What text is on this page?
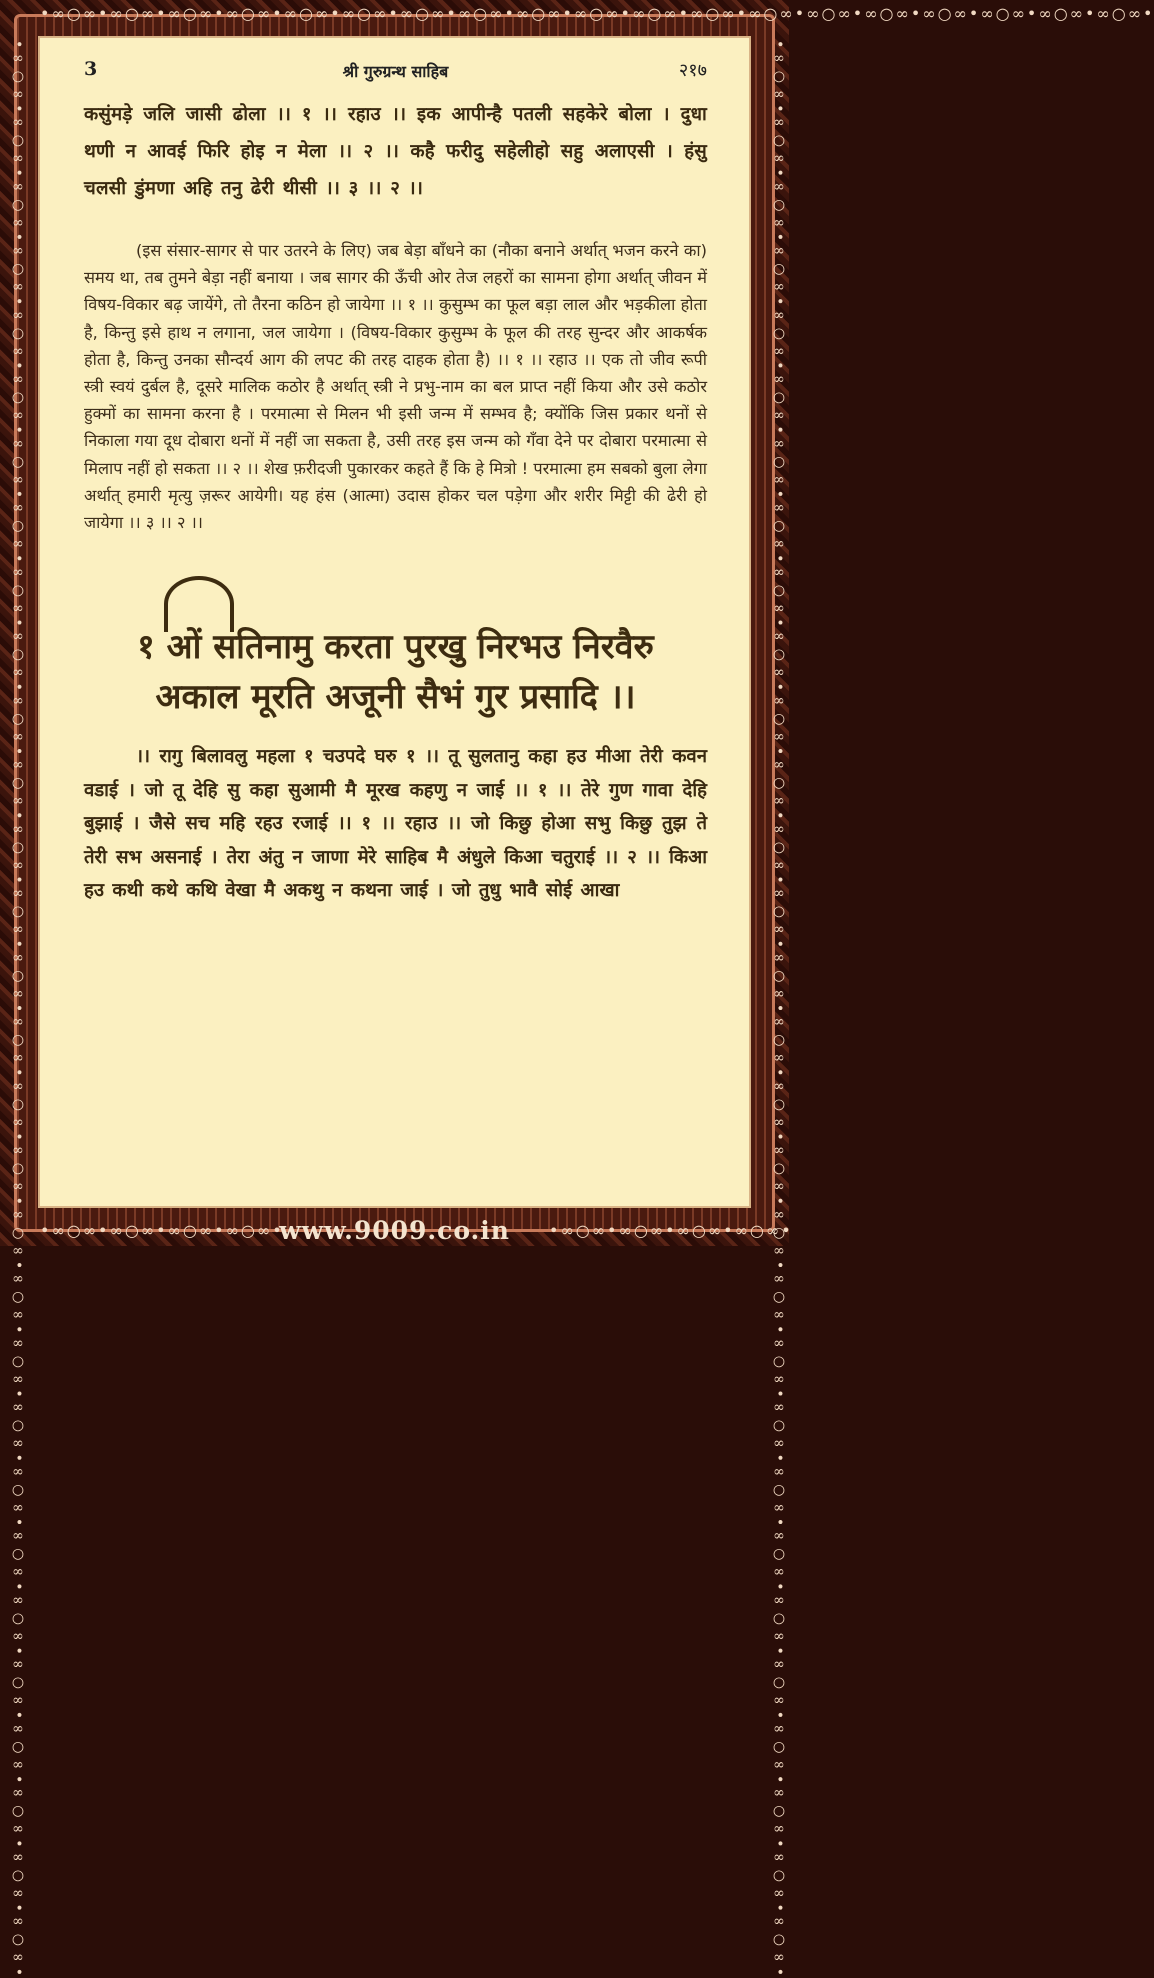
•∞○∞•∞○∞•∞○∞•∞○∞•∞○∞•∞○∞•∞○∞•∞○∞•∞○∞•∞○∞•∞○∞•∞○∞•∞○∞•∞○∞•∞○∞•∞○∞•∞○∞•∞○∞•∞○∞•
•∞○∞•∞○∞•∞○∞•∞○∞•∞○∞•∞○∞•∞○∞•∞○∞•∞○∞•∞○∞•∞○∞•∞○∞•∞○∞•∞○∞•∞○∞•∞○∞•∞○∞•∞○∞•∞○∞•∞○∞•∞○∞•∞○∞•∞○∞•∞○∞•∞○∞•∞○∞•∞○∞•∞○∞•∞○∞•∞○∞•	•∞○∞•∞○∞•∞○∞•∞○∞•∞○∞•∞○∞•∞○∞•∞○∞•∞○∞•∞○∞•∞○∞•∞○∞•∞○∞•∞○∞•∞○∞•∞○∞•∞○∞•∞○∞•∞○∞•∞○∞•∞○∞•∞○∞•∞○∞•∞○∞•∞○∞•∞○∞•∞○∞•∞○∞•∞○∞•∞○∞•
•∞○∞•∞○∞•∞○∞•∞○∞•	•∞○∞•∞○∞•∞○∞•∞○∞•
www.9009.co.in
3	श्री गुरुग्रन्थ साहिब	२१७
कसुंमड़े जलि जासी ढोला ।। १ ।। रहाउ ।। इक आपीन्है पतली सहकेरे बोला । दुधा थणी न आवई फिरि होइ न मेला ।। २ ।। कहै फरीदु सहेलीहो सहु अलाएसी । हंसु चलसी डुंमणा अहि तनु ढेरी थीसी ।। ३ ।। २ ।।
(इस संसार-सागर से पार उतरने के लिए) जब बेड़ा बाँधने का (नौका बनाने अर्थात् भजन करने का) समय था, तब तुमने बेड़ा नहीं बनाया । जब सागर की ऊँची ओर तेज लहरों का सामना होगा अर्थात् जीवन में विषय-विकार बढ़ जायेंगे, तो तैरना कठिन हो जायेगा ।। १ ।। कुसुम्भ का फूल बड़ा लाल और भड़कीला होता है, किन्तु इसे हाथ न लगाना, जल जायेगा । (विषय-विकार कुसुम्भ के फूल की तरह सुन्दर और आकर्षक होता है, किन्तु उनका सौन्दर्य आग की लपट की तरह दाहक होता है) ।। १ ।। रहाउ ।। एक तो जीव रूपी स्त्री स्वयं दुर्बल है, दूसरे मालिक कठोर है अर्थात् स्त्री ने प्रभु-नाम का बल प्राप्त नहीं किया और उसे कठोर हुक्मों का सामना करना है । परमात्मा से मिलन भी इसी जन्म में सम्भव है; क्योंकि जिस प्रकार थनों से निकाला गया दूध दोबारा थनों में नहीं जा सकता है, उसी तरह इस जन्म को गँवा देने पर दोबारा परमात्मा से मिलाप नहीं हो सकता ।। २ ।। शेख फ़रीदजी पुकारकर कहते हैं कि हे मित्रो ! परमात्मा हम सबको बुला लेगा अर्थात् हमारी मृत्यु ज़रूर आयेगी। यह हंस (आत्मा) उदास होकर चल पड़ेगा और शरीर मिट्टी की ढेरी हो जायेगा ।। ३ ।। २ ।।
१ ओं सतिनामु करता पुरखु निरभउ निरवैरु
अकाल मूरति अजूनी सैभं गुर प्रसादि ।।
।। रागु बिलावलु महला १ चउपदे घरु १ ।। तू सुलतानु कहा हउ मीआ तेरी कवन वडाई । जो तू देहि सु कहा सुआमी मै मूरख कहणु न जाई ।। १ ।। तेरे गुण गावा देहि बुझाई । जैसे सच महि रहउ रजाई ।। १ ।। रहाउ ।। जो किछु होआ सभु किछु तुझ ते तेरी सभ असनाई । तेरा अंतु न जाणा मेरे साहिब मै अंधुले किआ चतुराई ।। २ ।। किआ हउ कथी कथे कथि वेखा मै अकथु न कथना जाई । जो तुधु भावै सोई आखा
